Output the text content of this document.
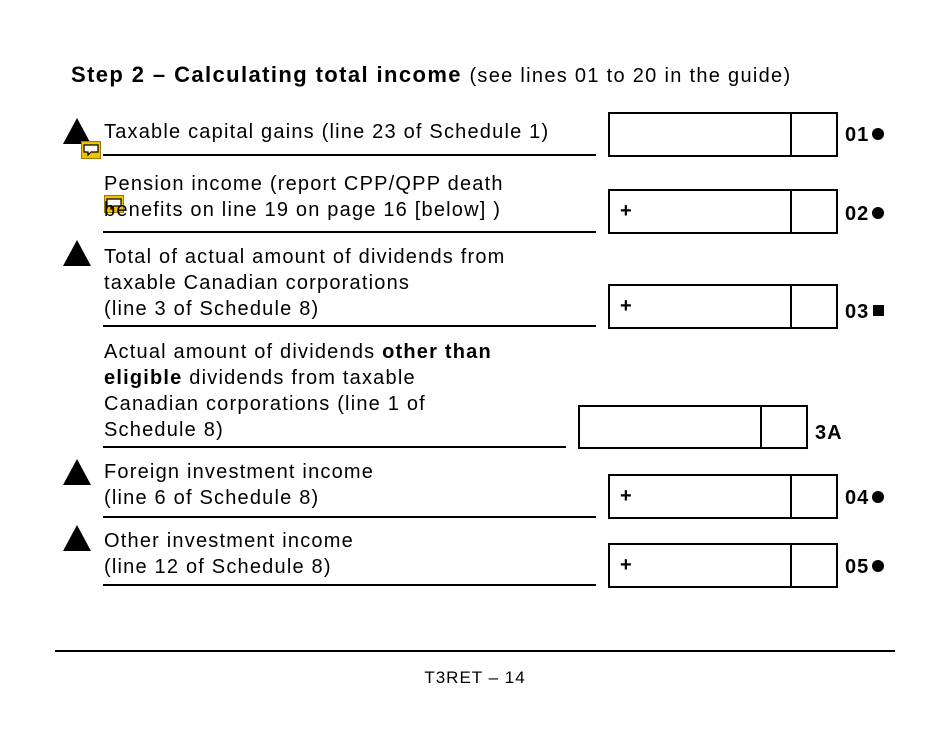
Step 2 – Calculating total income (see lines 01 to 20 in the guide)
Taxable capital gains (line 23 of Schedule 1)	01
Pension income (report CPP/QPP death
benefits on line 19 on page 16 [below] )	+	02
Total of actual amount of dividends from
taxable Canadian corporations
(line 3 of Schedule 8)	+	03
Actual amount of dividends other than
eligible dividends from taxable
Canadian corporations (line 1 of
Schedule 8)	3A
Foreign investment income
(line 6 of Schedule 8)	+	04
Other investment income
(line 12 of Schedule 8)	+	05
T3RET – 14
